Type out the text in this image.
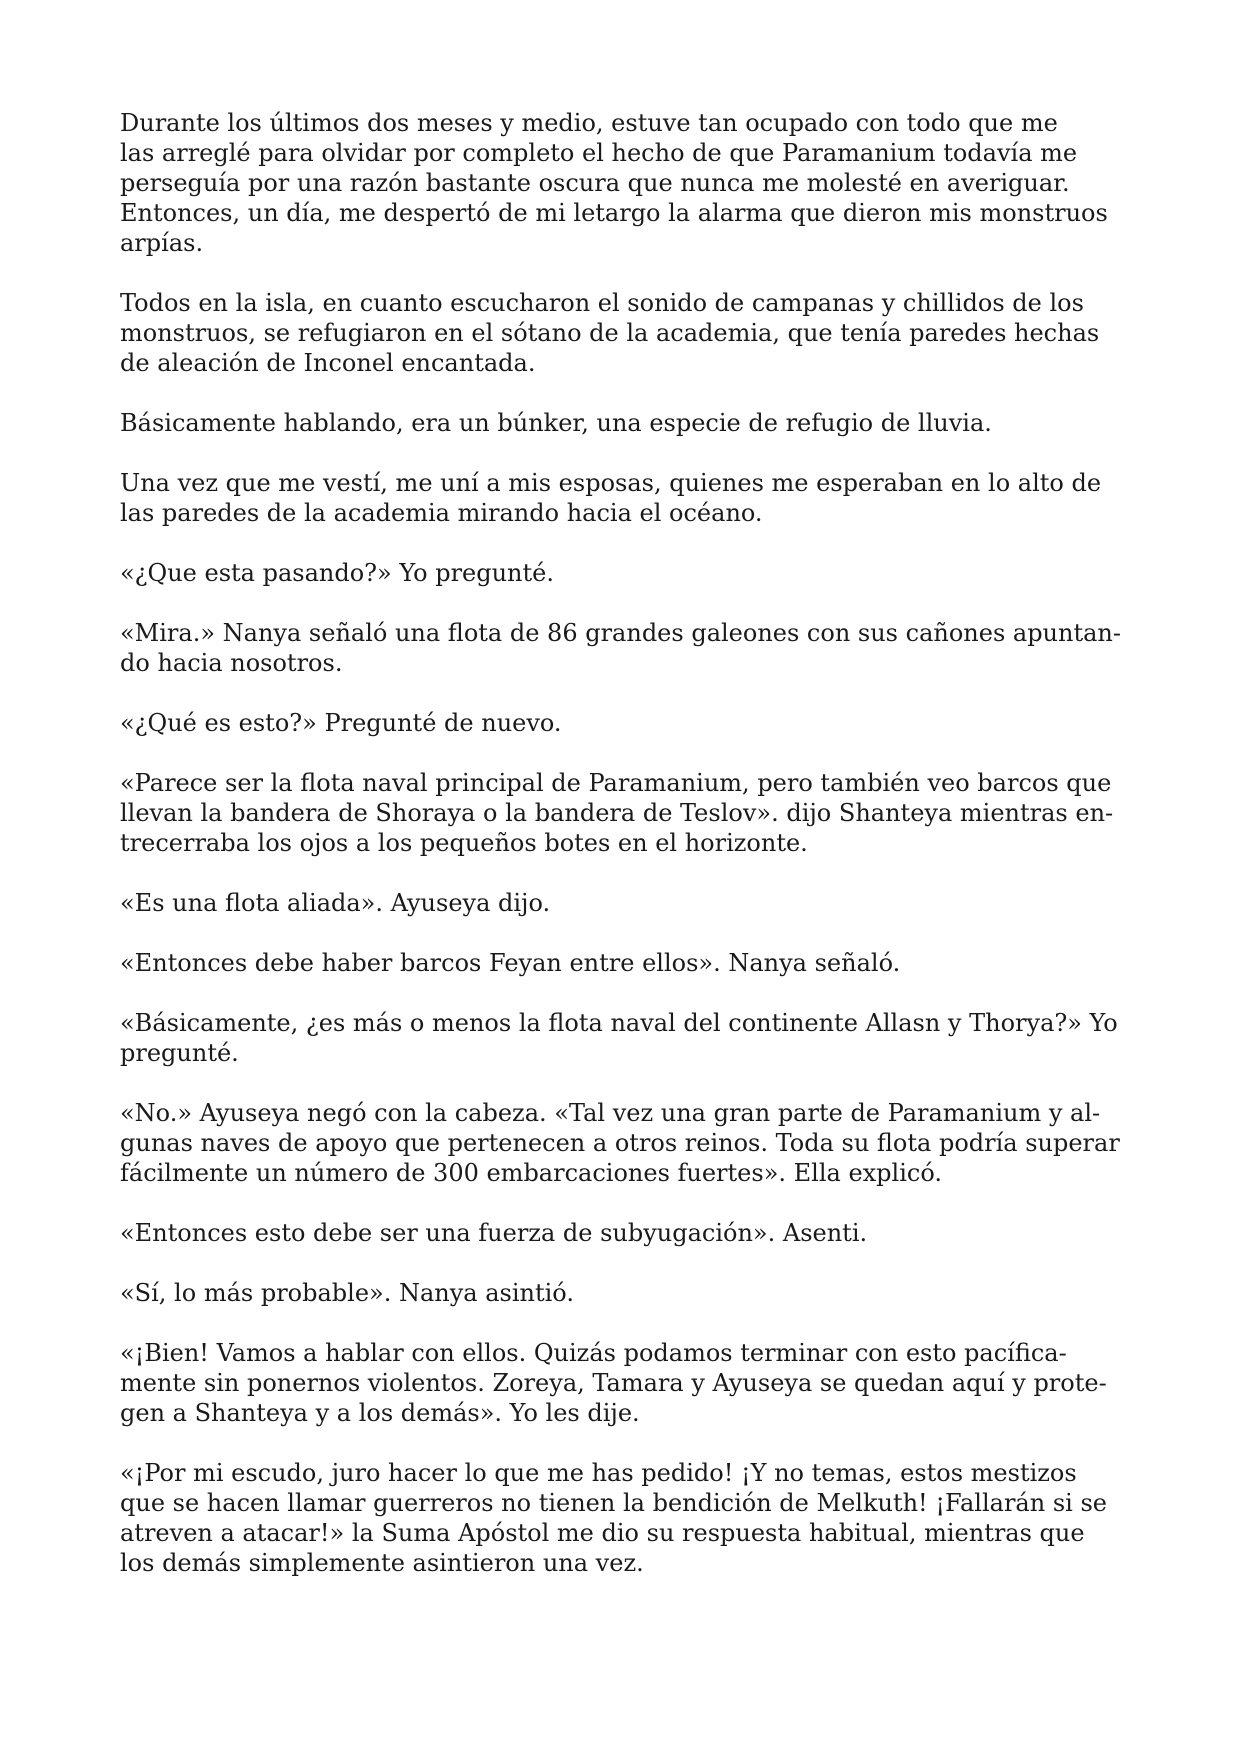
Durante los últimos dos meses y medio, estuve tan ocupado con todo que me
las arreglé para olvidar por completo el hecho de que Paramanium todavía me
perseguía por una razón bastante oscura que nunca me molesté en averiguar.
Entonces, un día, me despertó de mi letargo la alarma que dieron mis monstruos
arpías.

Todos en la isla, en cuanto escucharon el sonido de campanas y chillidos de los
monstruos, se refugiaron en el sótano de la academia, que tenía paredes hechas
de aleación de Inconel encantada.

Básicamente hablando, era un búnker, una especie de refugio de lluvia.

Una vez que me vestí, me uní a mis esposas, quienes me esperaban en lo alto de
las paredes de la academia mirando hacia el océano.

«¿Que esta pasando?» Yo pregunté.

«Mira.» Nanya señaló una flota de 86 grandes galeones con sus cañones apuntan-
do hacia nosotros.

«¿Qué es esto?» Pregunté de nuevo.

«Parece ser la flota naval principal de Paramanium, pero también veo barcos que
llevan la bandera de Shoraya o la bandera de Teslov». dijo Shanteya mientras en-
trecerraba los ojos a los pequeños botes en el horizonte.

«Es una flota aliada». Ayuseya dijo.

«Entonces debe haber barcos Feyan entre ellos». Nanya señaló.

«Básicamente, ¿es más o menos la flota naval del continente Allasn y Thorya?» Yo
pregunté.

«No.» Ayuseya negó con la cabeza. «Tal vez una gran parte de Paramanium y al-
gunas naves de apoyo que pertenecen a otros reinos. Toda su flota podría superar
fácilmente un número de 300 embarcaciones fuertes». Ella explicó.

«Entonces esto debe ser una fuerza de subyugación». Asenti.

«Sí, lo más probable». Nanya asintió.

«¡Bien! Vamos a hablar con ellos. Quizás podamos terminar con esto pacífica-
mente sin ponernos violentos. Zoreya, Tamara y Ayuseya se quedan aquí y prote-
gen a Shanteya y a los demás». Yo les dije.

«¡Por mi escudo, juro hacer lo que me has pedido! ¡Y no temas, estos mestizos
que se hacen llamar guerreros no tienen la bendición de Melkuth! ¡Fallarán si se
atreven a atacar!» la Suma Apóstol me dio su respuesta habitual, mientras que
los demás simplemente asintieron una vez.
